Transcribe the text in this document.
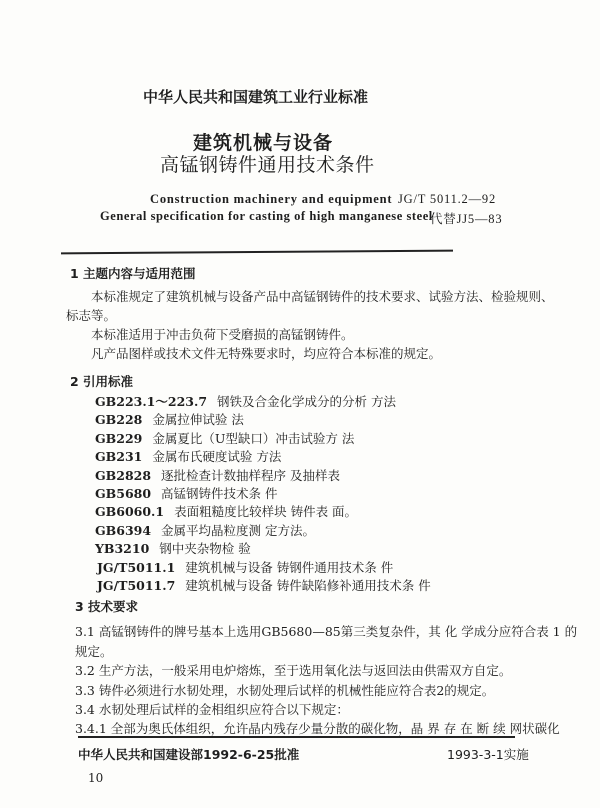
中华人民共和国建筑工业行业标准
建筑机械与设备
高锰钢铸件通用技术条件
Construction machinery and equipment
General specification for casting of high manganese steel
JG/T 5011.2—92
代替JJ5—83
1 主题内容与适用范围
本标准规定了建筑机械与设备产品中高锰钢铸件的技术要求、试验方法、检验规则、
标志等。
本标准适用于冲击负荷下受磨损的高锰钢铸件。
凡产品图样或技术文件无特殊要求时，均应符合本标准的规定。
2 引用标准
GB223.1～223.7 钢铁及合金化学成分的分析 方法
GB228 金属拉伸试验 法
GB229 金属夏比（U型缺口）冲击试验方 法
GB231 金属布氏硬度试验 方法
GB2828 逐批检查计数抽样程序 及抽样表
GB5680 高锰钢铸件技术条 件
GB6060.1 表面粗糙度比较样块 铸件表 面。
GB6394 金属平均晶粒度测 定方法。
YB3210 钢中夹杂物检 验
JG/T5011.1 建筑机械与设备 铸钢件通用技术条 件
JG/T5011.7 建筑机械与设备 铸件缺陷修补通用技术条 件
3 技术要求
3.1 高锰钢铸件的牌号基本上选用GB5680—85第三类复杂件，其 化 学成分应符合表 1 的
规定。
3.2 生产方法，一般采用电炉熔炼，至于选用氧化法与返回法由供需双方自定。
3.3 铸件必须进行水韧处理，水韧处理后试样的机械性能应符合表2的规定。
3.4 水韧处理后试样的金相组织应符合以下规定：
3.4.1 全部为奥氏体组织，允许晶内残存少量分散的碳化物，晶 界 存 在 断 续 网状碳化
中华人民共和国建设部1992-6-25批准	1993-3-1实施
10
